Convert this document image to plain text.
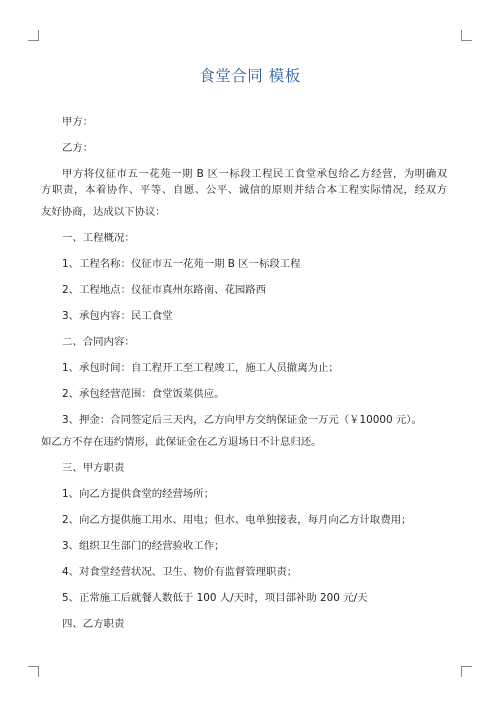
食堂合同 模板
甲方：
乙方：
甲方将仪征市五一花苑一期 B 区一标段工程民工食堂承包给乙方经营，为明确双
方职责，本着协作、平等、自愿、公平、诚信的原则并结合本工程实际情况，经双方
友好协商，达成以下协议：
一、工程概况：
1、工程名称：仪征市五一花苑一期 B 区一标段工程
2、工程地点：仪征市真州东路南、花园路西
3、承包内容：民工食堂
二、合同内容：
1、承包时间：自工程开工至工程竣工，施工人员撤离为止；
2、承包经营范围：食堂饭菜供应。
3、押金：合同签定后三天内，乙方向甲方交纳保证金一万元（￥10000 元）。
如乙方不存在违约情形，此保证金在乙方退场日不计息归还。
三、甲方职责
1、向乙方提供食堂的经营场所；
2、向乙方提供施工用水、用电；但水、电单独接表，每月向乙方计取费用；
3、组织卫生部门的经营验收工作；
4、对食堂经营状况、卫生、物价有监督管理职责；
5、正常施工后就餐人数低于 100 人/天时，项目部补助 200 元/天
四、乙方职责
